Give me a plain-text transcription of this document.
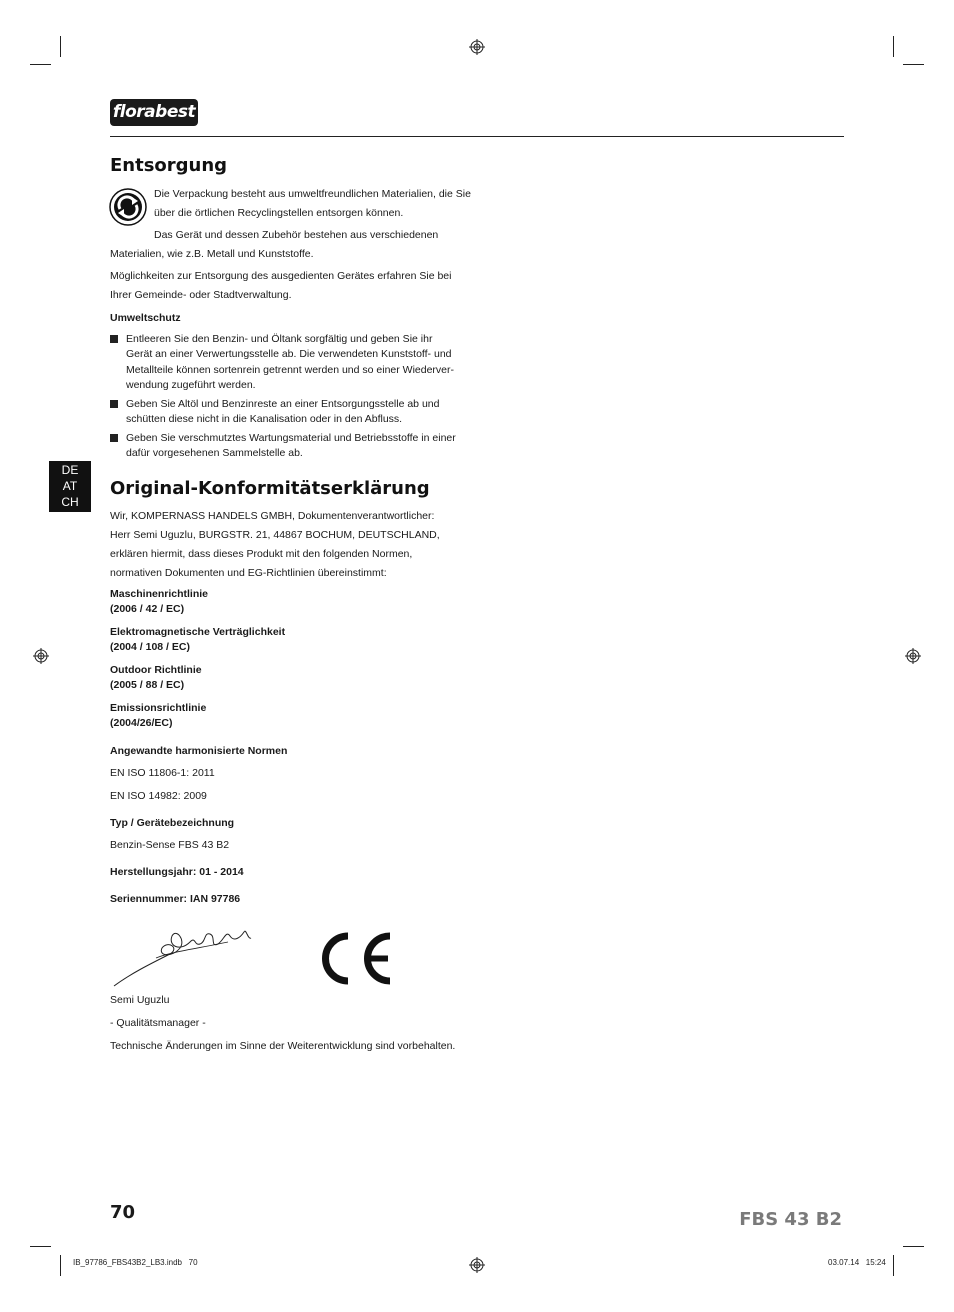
florabest
Entsorgung
Die Verpackung besteht aus umweltfreundlichen Materialien, die Sie
über die örtlichen Recyclingstellen entsorgen können.
Das Gerät und dessen Zubehör bestehen aus verschiedenen
Materialien, wie z.B. Metall und Kunststoffe.
Möglichkeiten zur Entsorgung des ausgedienten Gerätes erfahren Sie bei
Ihrer Gemeinde- oder Stadtverwaltung.
Umweltschutz
Entleeren Sie den Benzin- und Öltank sorgfältig und geben Sie ihr
Gerät an einer Verwertungsstelle ab. Die verwendeten Kunststoff- und
Metallteile können sortenrein getrennt werden und so einer Wiederver-
wendung zugeführt werden.
Geben Sie Altöl und Benzinreste an einer Entsorgungsstelle ab und
schütten diese nicht in die Kanalisation oder in den Abfluss.
Geben Sie verschmutztes Wartungsmaterial und Betriebsstoffe in einer
dafür vorgesehenen Sammelstelle ab.
DE
AT
CH
Original-Konformitätserklärung
Wir, KOMPERNASS HANDELS GMBH, Dokumentenverantwortlicher:
Herr Semi Uguzlu, BURGSTR. 21, 44867 BOCHUM, DEUTSCHLAND,
erklären hiermit, dass dieses Produkt mit den folgenden Normen,
normativen Dokumenten und EG-Richtlinien übereinstimmt:
Maschinenrichtlinie
(2006 / 42 / EC)
Elektromagnetische Verträglichkeit
(2004 / 108 / EC)
Outdoor Richtlinie
(2005 / 88 / EC)
Emissionsrichtlinie
(2004/26/EC)
Angewandte harmonisierte Normen
EN ISO 11806-1: 2011
EN ISO 14982: 2009
Typ / Gerätebezeichnung
Benzin-Sense FBS 43 B2
Herstellungsjahr: 01 - 2014
Seriennummer: IAN 97786
Semi Uguzlu
- Qualitätsmanager -
Technische Änderungen im Sinne der Weiterentwicklung sind vorbehalten.
70	FBS 43 B2
IB_97786_FBS43B2_LB3.indb   70	03.07.14   15:24
